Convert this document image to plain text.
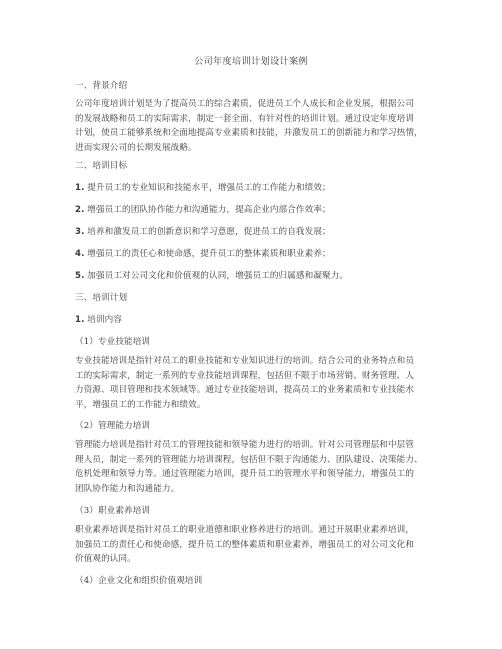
公司年度培训计划设计案例
一、背景介绍
公司年度培训计划是为了提高员工的综合素质，促进员工个人成长和企业发展，根据公司
的发展战略和员工的实际需求，制定一套全面、有针对性的培训计划。通过设定年度培训
计划，使员工能够系统和全面地提高专业素质和技能，并激发员工的创新能力和学习热情，
进而实现公司的长期发展战略。
二、培训目标
1. 提升员工的专业知识和技能水平，增强员工的工作能力和绩效；
2. 增强员工的团队协作能力和沟通能力，提高企业内部合作效率；
3. 培养和激发员工的创新意识和学习意愿，促进员工的自我发展；
4. 增强员工的责任心和使命感，提升员工的整体素质和职业素养；
5. 加强员工对公司文化和价值观的认同，增强员工的归属感和凝聚力。
三、培训计划
1. 培训内容
（1）专业技能培训
专业技能培训是指针对员工的职业技能和专业知识进行的培训。结合公司的业务特点和员
工的实际需求，制定一系列的专业技能培训课程，包括但不限于市场营销、财务管理、人
力资源、项目管理和技术领域等。通过专业技能培训，提高员工的业务素质和专业技能水
平，增强员工的工作能力和绩效。
（2）管理能力培训
管理能力培训是指针对员工的管理技能和领导能力进行的培训。针对公司管理层和中层管
理人员，制定一系列的管理能力培训课程，包括但不限于沟通能力、团队建设、决策能力、
危机处理和领导力等。通过管理能力培训，提升员工的管理水平和领导能力，增强员工的
团队协作能力和沟通能力。
（3）职业素养培训
职业素养培训是指针对员工的职业道德和职业修养进行的培训。通过开展职业素养培训，
加强员工的责任心和使命感，提升员工的整体素质和职业素养，增强员工的对公司文化和
价值观的认同。
（4）企业文化和组织价值观培训
